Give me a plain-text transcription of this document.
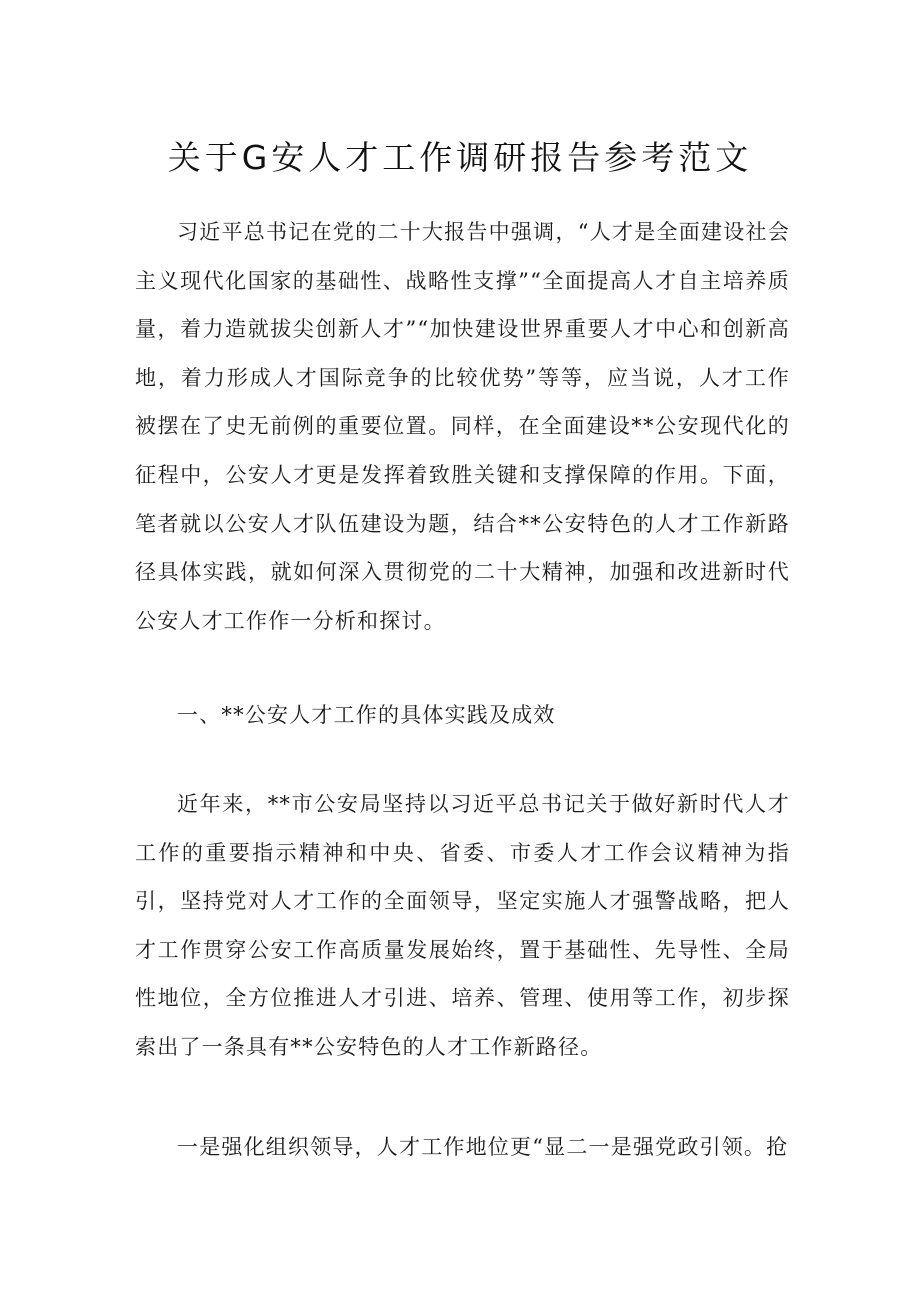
关于G安人才工作调研报告参考范文

习近平总书记在党的二十大报告中强调，“人才是全面建设社会主义现代化国家的基础性、战略性支撑”“全面提高人才自主培养质量，着力造就拔尖创新人才”“加快建设世界重要人才中心和创新高地，着力形成人才国际竞争的比较优势”等等，应当说，人才工作被摆在了史无前例的重要位置。同样，在全面建设**公安现代化的征程中，公安人才更是发挥着致胜关键和支撑保障的作用。下面，笔者就以公安人才队伍建设为题，结合**公安特色的人才工作新路径具体实践，就如何深入贯彻党的二十大精神，加强和改进新时代公安人才工作作一分析和探讨。

一、**公安人才工作的具体实践及成效

近年来，**市公安局坚持以习近平总书记关于做好新时代人才工作的重要指示精神和中央、省委、市委人才工作会议精神为指引，坚持党对人才工作的全面领导，坚定实施人才强警战略，把人才工作贯穿公安工作高质量发展始终，置于基础性、先导性、全局性地位，全方位推进人才引进、培养、管理、使用等工作，初步探索出了一条具有**公安特色的人才工作新路径。

一是强化组织领导，人才工作地位更“显二一是强党政引领。抢
